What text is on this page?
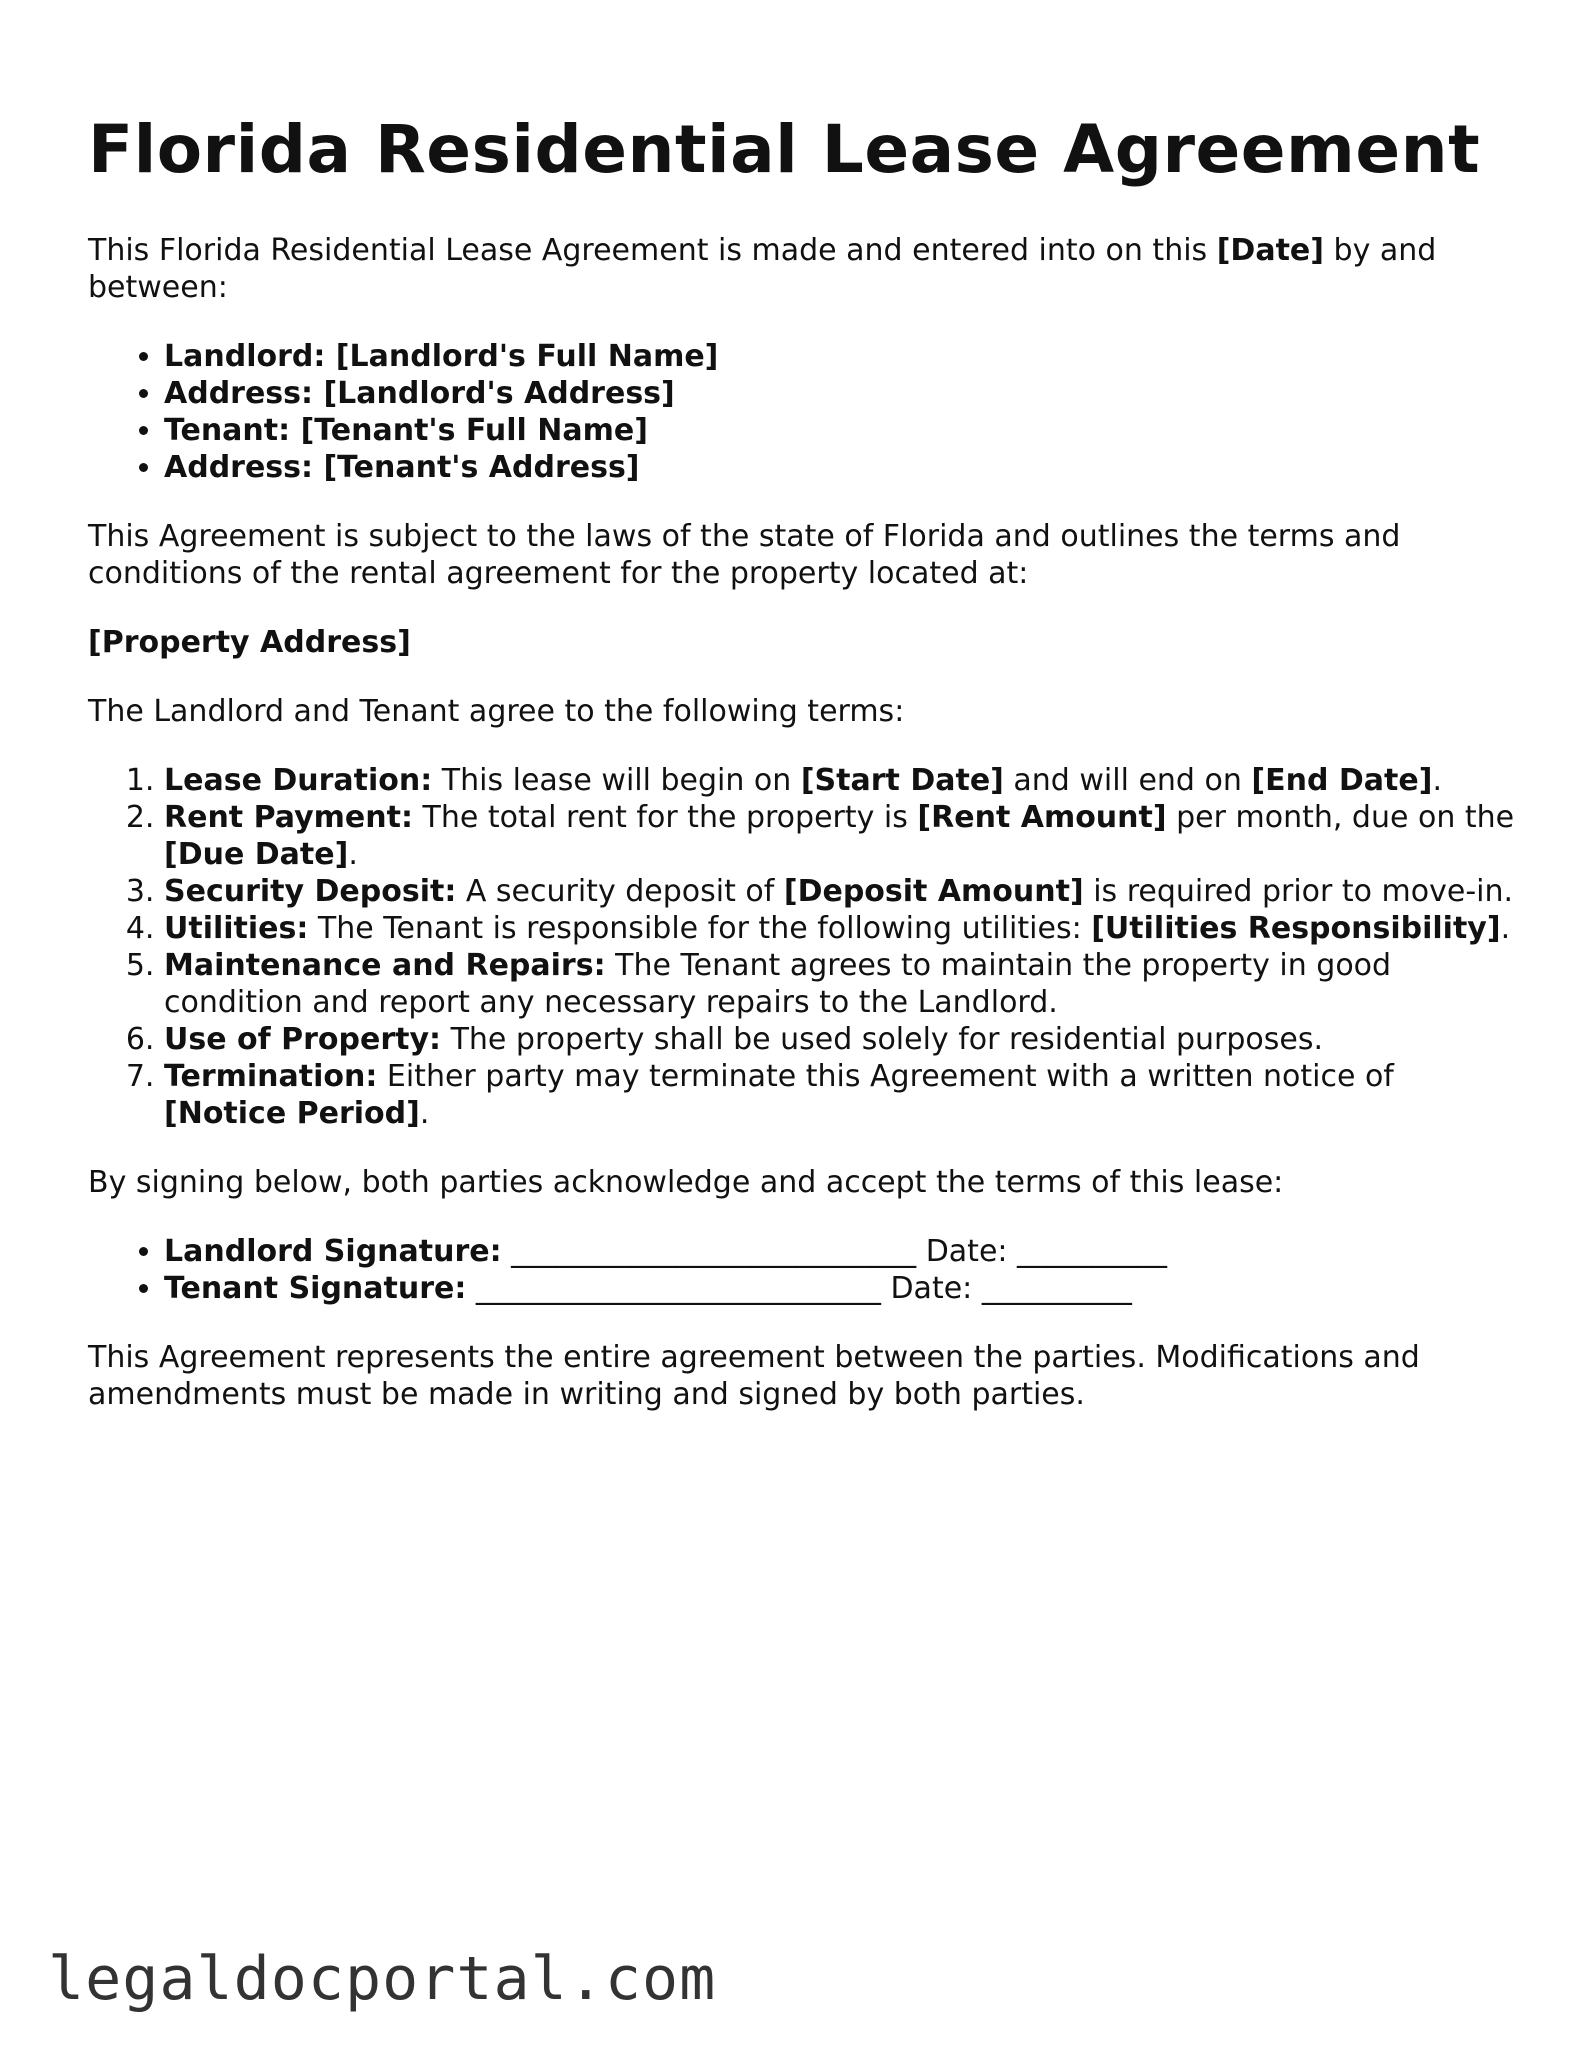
Florida Residential Lease Agreement

This Florida Residential Lease Agreement is made and entered into on this [Date] by and between:

• Landlord: [Landlord's Full Name]
• Address: [Landlord's Address]
• Tenant: [Tenant's Full Name]
• Address: [Tenant's Address]

This Agreement is subject to the laws of the state of Florida and outlines the terms and conditions of the rental agreement for the property located at:

[Property Address]

The Landlord and Tenant agree to the following terms:

1. Lease Duration: This lease will begin on [Start Date] and will end on [End Date].
2. Rent Payment: The total rent for the property is [Rent Amount] per month, due on the [Due Date].
3. Security Deposit: A security deposit of [Deposit Amount] is required prior to move-in.
4. Utilities: The Tenant is responsible for the following utilities: [Utilities Responsibility].
5. Maintenance and Repairs: The Tenant agrees to maintain the property in good condition and report any necessary repairs to the Landlord.
6. Use of Property: The property shall be used solely for residential purposes.
7. Termination: Either party may terminate this Agreement with a written notice of [Notice Period].

By signing below, both parties acknowledge and accept the terms of this lease:

• Landlord Signature: ___________________________ Date: __________
• Tenant Signature: ___________________________ Date: __________

This Agreement represents the entire agreement between the parties. Modifications and amendments must be made in writing and signed by both parties.

legaldocportal.com
